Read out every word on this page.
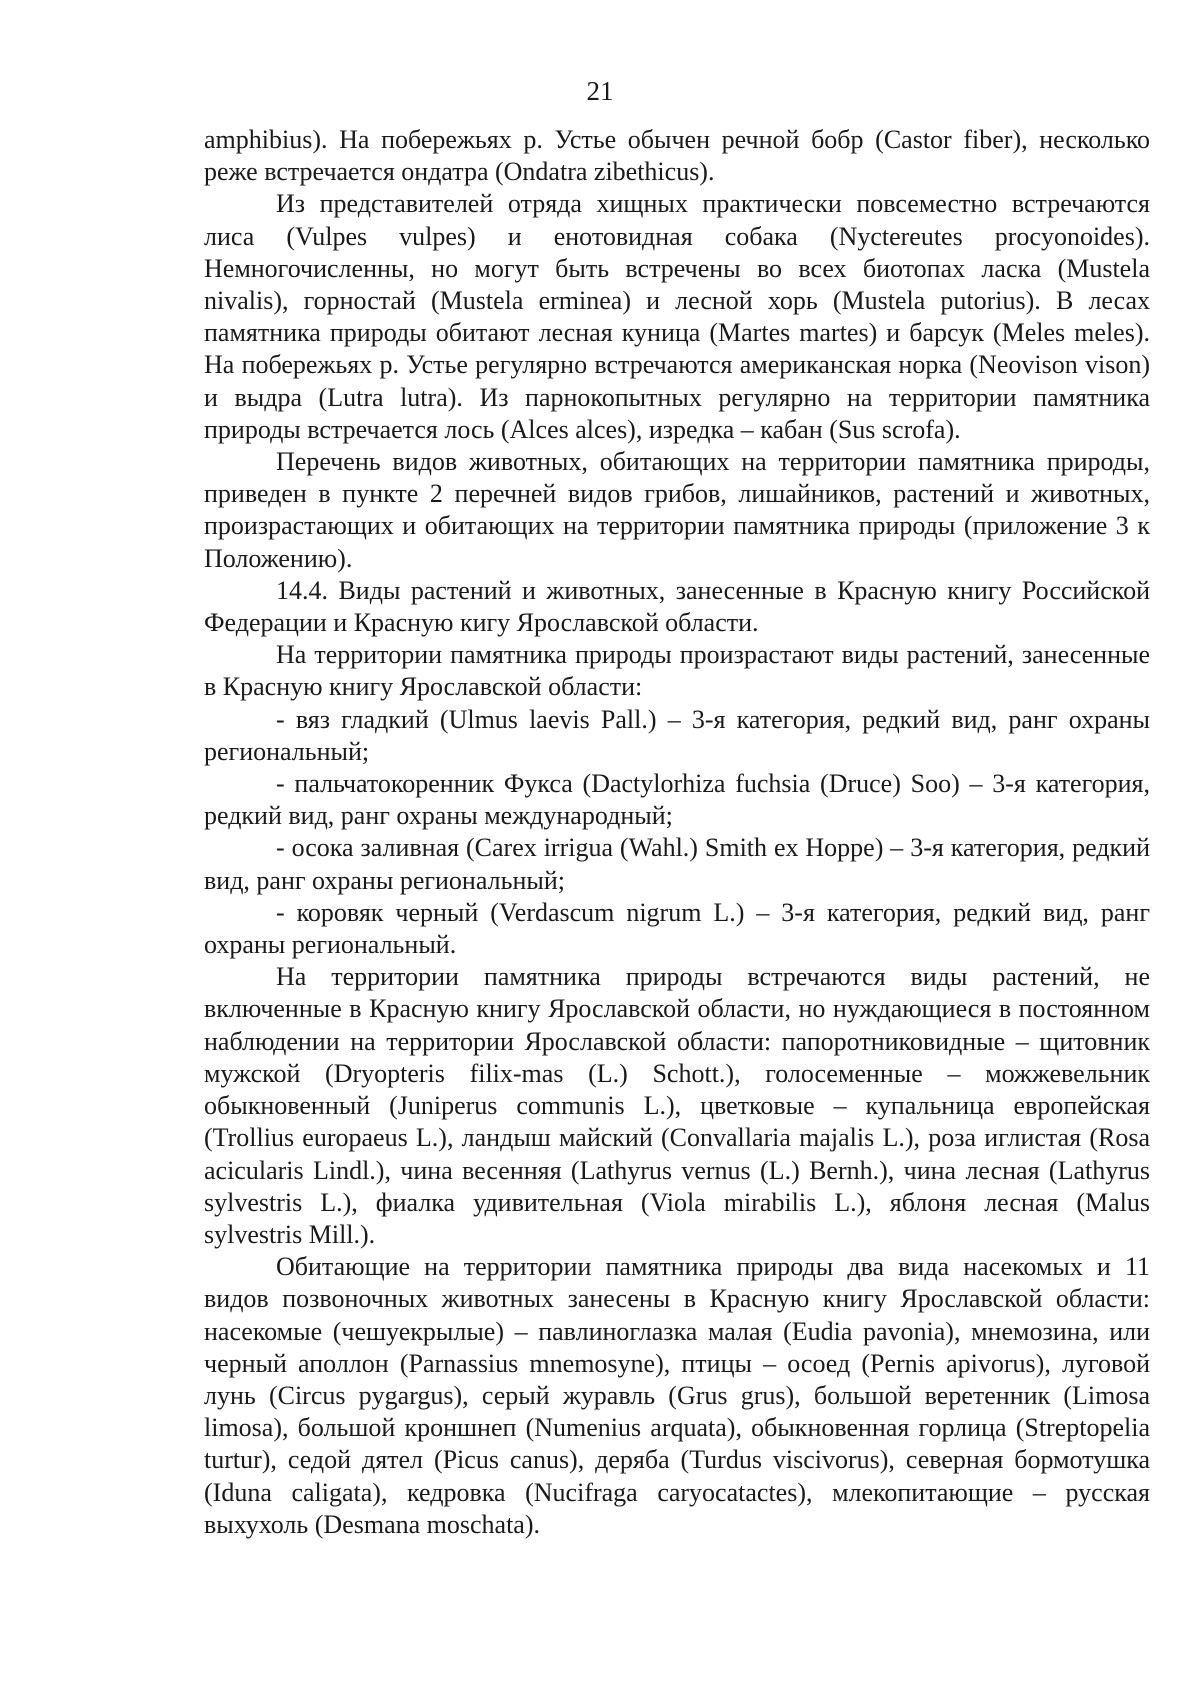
21

amphibius). На побережьях р. Устье обычен речной бобр (Castor fiber), несколько реже встречается ондатра (Ondatra zibethicus).

Из представителей отряда хищных практически повсеместно встречаются лиса (Vulpes vulpes) и енотовидная собака (Nyctereutes procyonoides). Немногочисленны, но могут быть встречены во всех биотопах ласка (Mustela nivalis), горностай (Mustela erminea) и лесной хорь (Mustela putorius). В лесах памятника природы обитают лесная куница (Martes martes) и барсук (Meles meles). На побережьях р. Устье регулярно встречаются американская норка (Neovison vison) и выдра (Lutra lutra). Из парнокопытных регулярно на территории памятника природы встречается лось (Alces alces), изредка – кабан (Sus scrofa).

Перечень видов животных, обитающих на территории памятника природы, приведен в пункте 2 перечней видов грибов, лишайников, растений и животных, произрастающих и обитающих на территории памятника природы (приложение 3 к Положению).

14.4. Виды растений и животных, занесенные в Красную книгу Российской Федерации и Красную кигу Ярославской области.

На территории памятника природы произрастают виды растений, занесенные в Красную книгу Ярославской области:

- вяз гладкий (Ulmus laevis Pall.) – 3-я категория, редкий вид, ранг охраны региональный;

- пальчатокоренник Фукса (Dactylorhiza fuchsia (Druce) Soo) – 3-я категория, редкий вид, ранг охраны международный;

- осока заливная (Carex irrigua (Wahl.) Smith ex Hoppe) – 3-я категория, редкий вид, ранг охраны региональный;

- коровяк черный (Verdascum nigrum L.) – 3-я категория, редкий вид, ранг охраны региональный.

На территории памятника природы встречаются виды растений, не включенные в Красную книгу Ярославской области, но нуждающиеся в постоянном наблюдении на территории Ярославской области: папоротниковидные – щитовник мужской (Dryopteris filix-mas (L.) Schott.), голосеменные – можжевельник обыкновенный (Juniperus communis L.), цветковые – купальница европейская (Trollius europaeus L.), ландыш майский (Convallaria majalis L.), роза иглистая (Rosa acicularis Lindl.), чина весенняя (Lathyrus vernus (L.) Bernh.), чина лесная (Lathyrus sylvestris L.), фиалка удивительная (Viola mirabilis L.), яблоня лесная (Malus sylvestris Mill.).

Обитающие на территории памятника природы два вида насекомых и 11 видов позвоночных животных занесены в Красную книгу Ярославской области: насекомые (чешуекрылые) – павлиноглазка малая (Eudia pavonia), мнемозина, или черный аполлон (Parnassius mnemosyne), птицы – осоед (Pernis apivorus), луговой лунь (Circus pygargus), серый журавль (Grus grus), большой веретенник (Limosa limosa), большой кроншнеп (Numenius arquata), обыкновенная горлица (Streptopelia turtur), седой дятел (Picus canus), деряба (Turdus viscivorus), северная бормотушка (Iduna caligata), кедровка (Nucifraga caryocatactes), млекопитающие – русская выхухоль (Desmana moschata).
